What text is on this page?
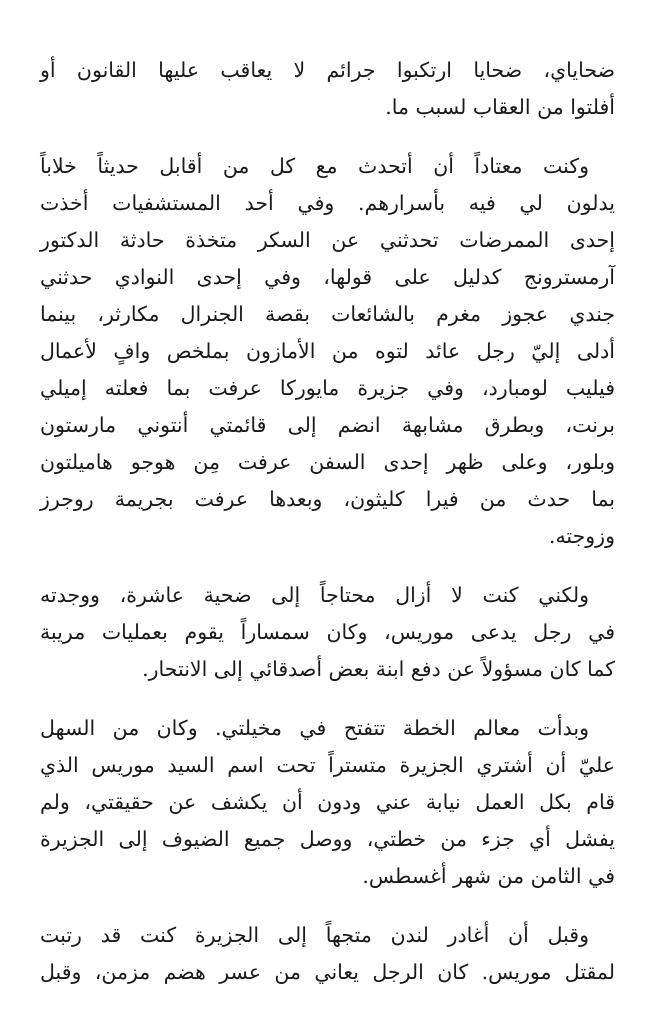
ضحاياي، ضحايا ارتكبوا جرائم لا يعاقب عليها القانون أو
أفلتوا من العقاب لسبب ما.
وكنت معتاداً أن أتحدث مع كل من أقابل حديثاً خلاباً
يدلون لي فيه بأسرارهم. وفي أحد المستشفيات أخذت
إحدى الممرضات تحدثني عن السكر متخذة حادثة الدكتور
آرمسترونج كدليل على قولها، وفي إحدى النوادي حدثني
جندي عجوز مغرم بالشائعات بقصة الجنرال مكارثر، بينما
أدلى إليّ رجل عائد لتوه من الأمازون بملخص وافٍ لأعمال
فيليب لومبارد، وفي جزيرة مايوركا عرفت بما فعلته إميلي
برنت، وبطرق مشابهة انضم إلى قائمتي أنتوني مارستون
وبلور، وعلى ظهر إحدى السفن عرفت مِن هوجو هاميلتون
بما حدث من فيرا كليثون، وبعدها عرفت بجريمة روجرز
وزوجته.
ولكني كنت لا أزال محتاجاً إلى ضحية عاشرة، ووجدته
في رجل يدعى موريس، وكان سمساراً يقوم بعمليات مريبة
كما كان مسؤولاً عن دفع ابنة بعض أصدقائي إلى الانتحار.
وبدأت معالم الخطة تتفتح في مخيلتي. وكان من السهل
عليّ أن أشتري الجزيرة متستراً تحت اسم السيد موريس الذي
قام بكل العمل نيابة عني ودون أن يكشف عن حقيقتي، ولم
يفشل أي جزء من خطتي، ووصل جميع الضيوف إلى الجزيرة
في الثامن من شهر أغسطس.
وقبل أن أغادر لندن متجهاً إلى الجزيرة كنت قد رتبت
لمقتل موريس. كان الرجل يعاني من عسر هضم مزمن، وقبل
